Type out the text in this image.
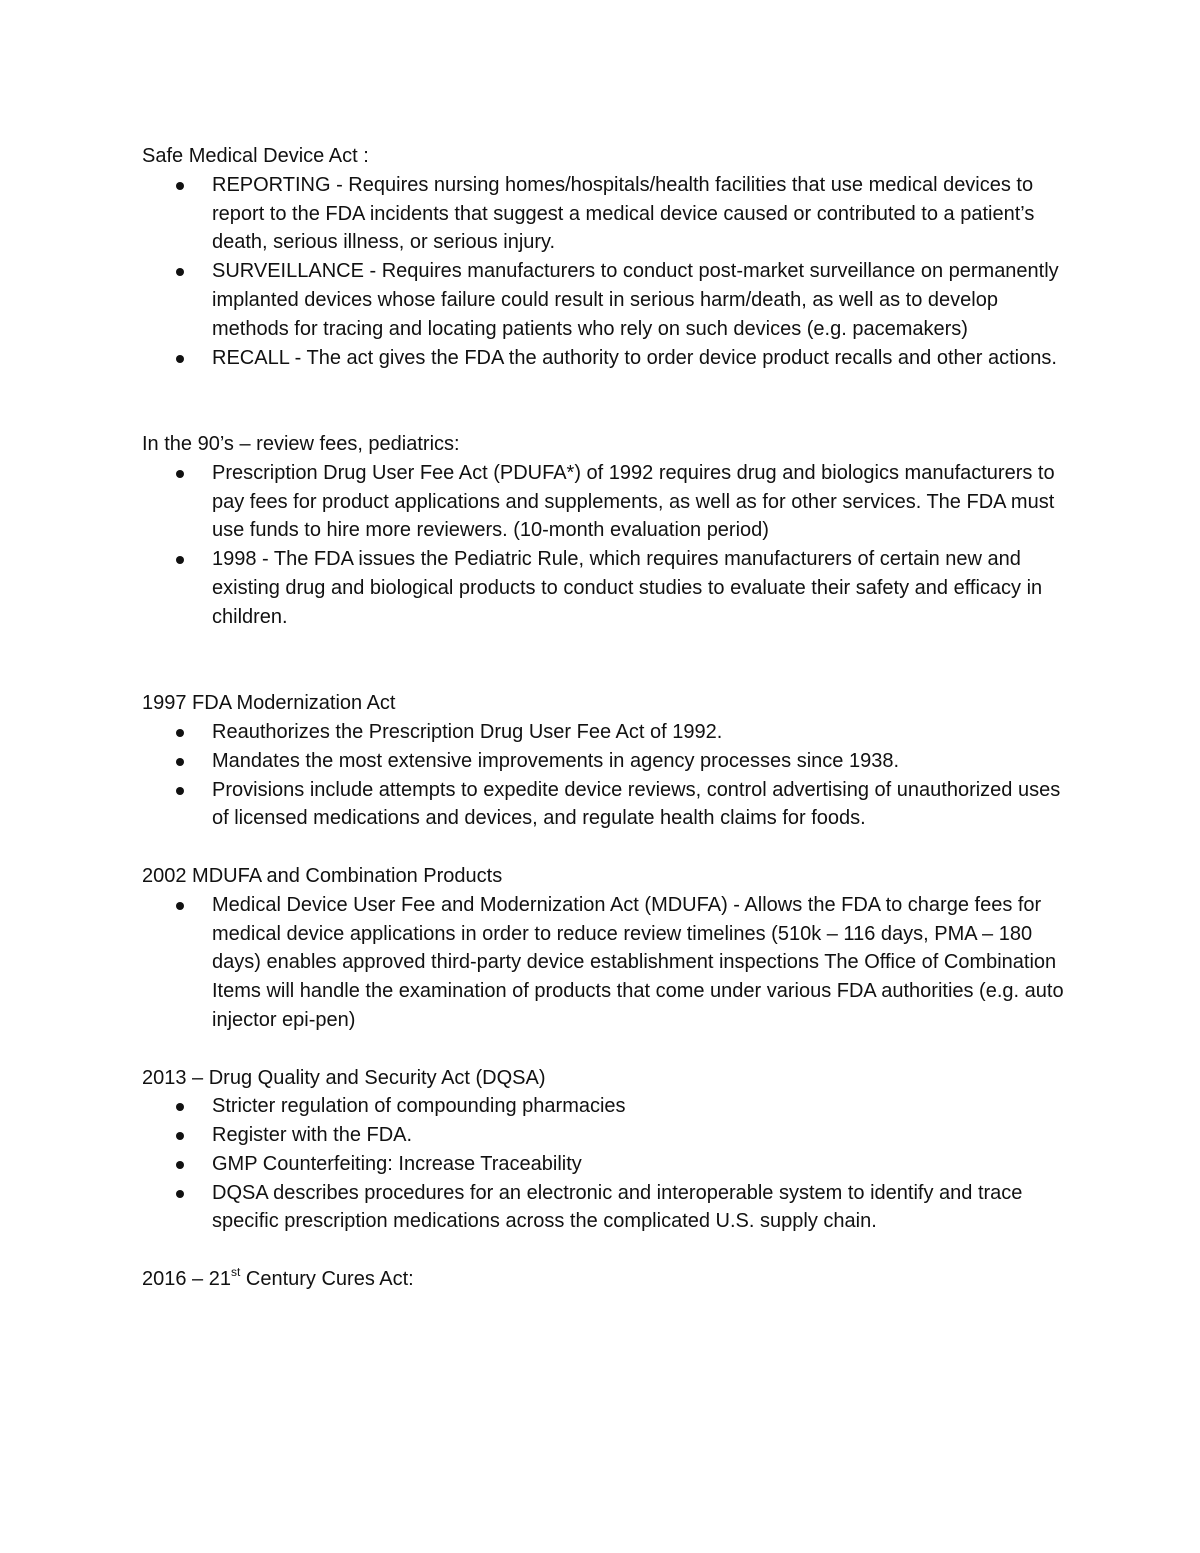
Safe Medical Device Act :

REPORTING - Requires nursing homes/hospitals/health facilities that use medical devices to report to the FDA incidents that suggest a medical device caused or contributed to a patient’s death, serious illness, or serious injury.
SURVEILLANCE - Requires manufacturers to conduct post-market surveillance on permanently implanted devices whose failure could result in serious harm/death, as well as to develop methods for tracing and locating patients who rely on such devices (e.g. pacemakers)
RECALL - The act gives the FDA the authority to order device product recalls and other actions.

In the 90’s – review fees, pediatrics:

Prescription Drug User Fee Act (PDUFA*) of 1992 requires drug and biologics manufacturers to pay fees for product applications and supplements, as well as for other services. The FDA must use funds to hire more reviewers. (10-month evaluation period)
1998 - The FDA issues the Pediatric Rule, which requires manufacturers of certain new and existing drug and biological products to conduct studies to evaluate their safety and efficacy in children.

1997 FDA Modernization Act

Reauthorizes the Prescription Drug User Fee Act of 1992.
Mandates the most extensive improvements in agency processes since 1938.
Provisions include attempts to expedite device reviews, control advertising of unauthorized uses of licensed medications and devices, and regulate health claims for foods.

2002 MDUFA and Combination Products

Medical Device User Fee and Modernization Act (MDUFA) - Allows the FDA to charge fees for medical device applications in order to reduce review timelines (510k – 116 days, PMA – 180 days) enables approved third-party device establishment inspections The Office of Combination Items will handle the examination of products that come under various FDA authorities (e.g. auto injector epi-pen)

2013 – Drug Quality and Security Act (DQSA)

Stricter regulation of compounding pharmacies
Register with the FDA.
GMP Counterfeiting: Increase Traceability
DQSA describes procedures for an electronic and interoperable system to identify and trace specific prescription medications across the complicated U.S. supply chain.

2016 – 21st Century Cures Act:
